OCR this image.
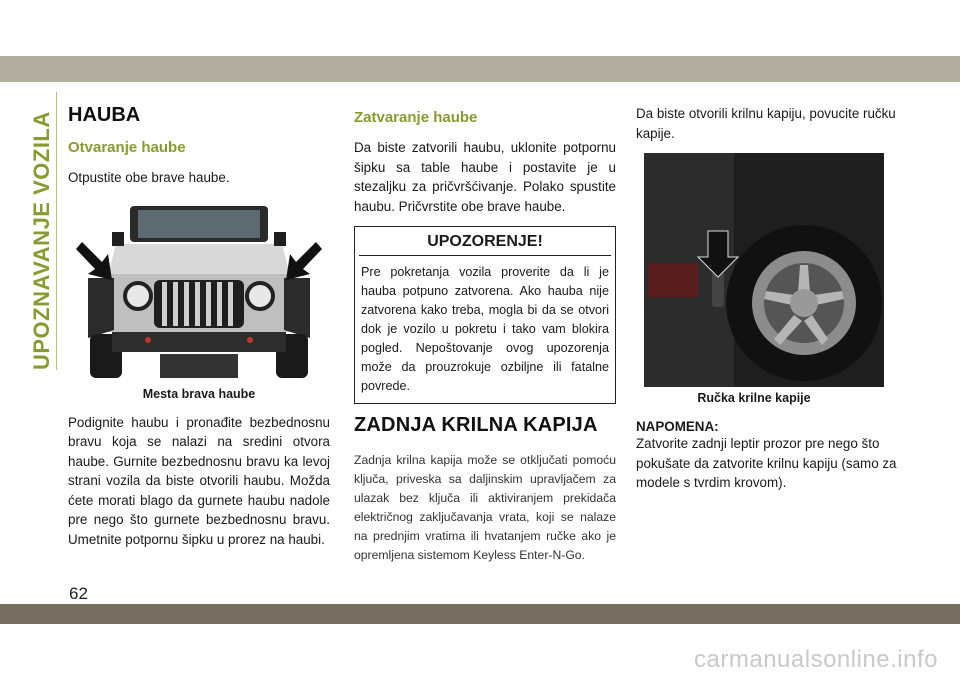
UPOZNAVANJE VOZILA HAUBA
Otvaranje haube

Otpustite obe brave haube.

Mesta brava haube

Podignite haubu i pronađite bezbednosnu bravu koja se nalazi na sredini otvora haube. Gurnite bezbednosnu bravu ka levoj strani vozila da biste otvorili haubu. Možda ćete morati blago da gurnete haubu nadole pre nego što gurnete bezbednosnu bravu. Umetnite potpornu šipku u prorez na haubi.

Zatvaranje haube

Da biste zatvorili haubu, uklonite potpornu šipku sa table haube i postavite je u stezaljku za pričvršćivanje. Polako spustite haubu. Pričvrstite obe brave haube.

UPOZORENJE!
Pre pokretanja vozila proverite da li je hauba potpuno zatvorena. Ako hauba nije zatvorena kako treba, mogla bi da se otvori dok je vozilo u pokretu i tako vam blokira pogled. Nepoštovanje ovog upozorenja može da prouzrokuje ozbiljne ili fatalne povrede.
ZADNJA KRILNA KAPIJA

Zadnja krilna kapija može se otključati pomoću ključa, priveska sa daljinskim upravljačem za ulazak bez ključa ili aktiviranjem prekidača električnog zaključavanja vrata, koji se nalaze na prednjim vratima ili hvatanjem ručke ako je opremljena sistemom Keyless Enter-N-Go.

Da biste otvorili krilnu kapiju, povucite ručku kapije.

Ručka krilne kapije
NAPOMENA:

Zatvorite zadnji leptir prozor pre nego što pokušate da zatvorite krilnu kapiju (samo za modele s tvrdim krovom).

62
carmanualsonline.info
